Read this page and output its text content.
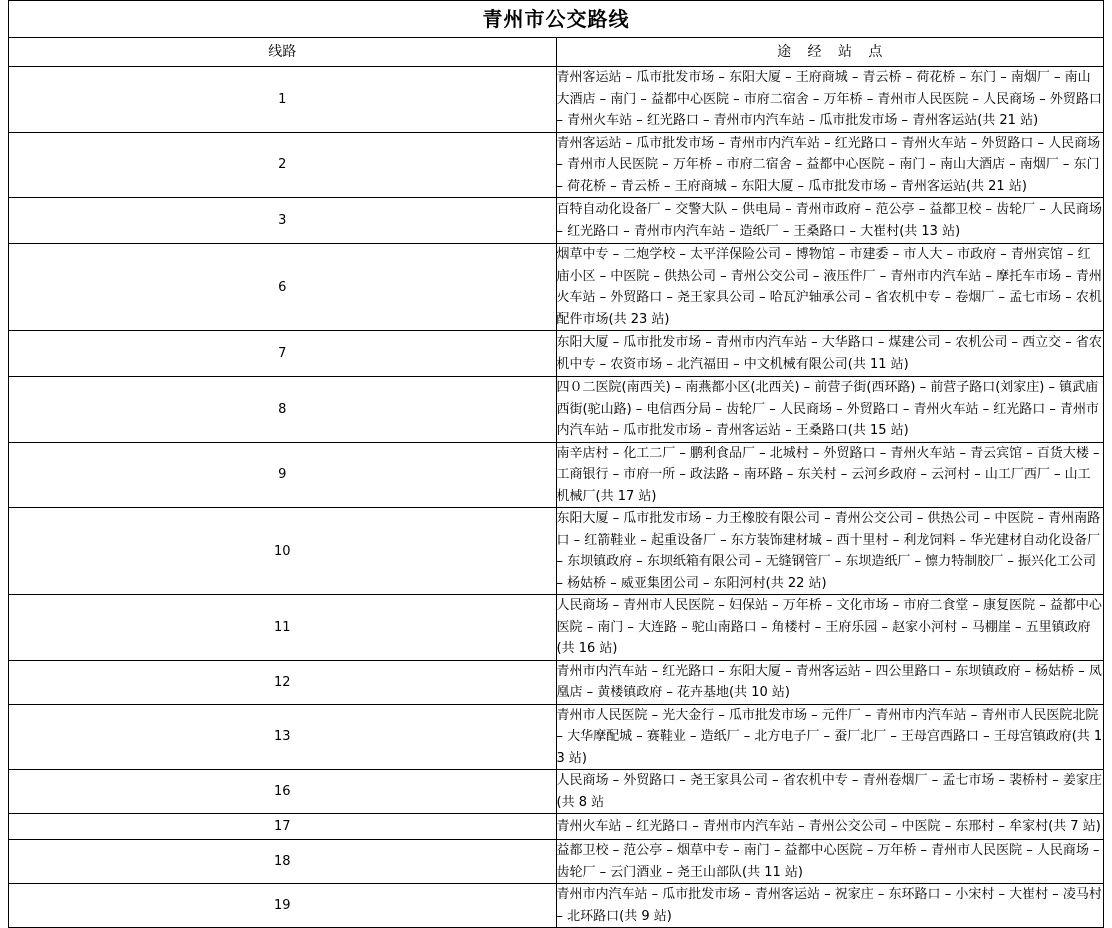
青州市公交路线	
线路	途 经 站 点
1	青州客运站 – 瓜市批发市场 – 东阳大厦 – 王府商城 – 青云桥 – 荷花桥 – 东门 – 南烟厂 – 南山大酒店 – 南门 – 益都中心医院 – 市府二宿舍 – 万年桥 – 青州市人民医院 – 人民商场 – 外贸路口 – 青州火车站 – 红光路口 – 青州市内汽车站 – 瓜市批发市场 – 青州客运站(共 21 站)

2	青州客运站 – 瓜市批发市场 – 青州市内汽车站 – 红光路口 – 青州火车站 – 外贸路口 – 人民商场 – 青州市人民医院 – 万年桥 – 市府二宿舍 – 益都中心医院 – 南门 – 南山大酒店 – 南烟厂 – 东门 – 荷花桥 – 青云桥 – 王府商城 – 东阳大厦 – 瓜市批发市场 – 青州客运站(共 21 站)

3	百特自动化设备厂 – 交警大队 – 供电局 – 青州市政府 – 范公亭 – 益都卫校 – 齿轮厂 – 人民商场 – 红光路口 – 青州市内汽车站 – 造纸厂 – 王桑路口 – 大崔村(共 13 站)

6	烟草中专 – 二炮学校 – 太平洋保险公司 – 博物馆 – 市建委 – 市人大 – 市政府 – 青州宾馆 – 红庙小区 – 中医院 – 供热公司 – 青州公交公司 – 液压件厂 – 青州市内汽车站 – 摩托车市场 – 青州火车站 – 外贸路口 – 尧王家具公司 – 哈瓦沪轴承公司 – 省农机中专 – 卷烟厂 – 孟七市场 – 农机配件市场(共 23 站)

7	东阳大厦 – 瓜市批发市场 – 青州市内汽车站 – 大华路口 – 煤建公司 – 农机公司 – 西立交 – 省农机中专 – 农资市场 – 北汽福田 – 中文机械有限公司(共 11 站)

8	四０二医院(南西关) – 南燕都小区(北西关) – 前营子街(西环路) – 前营子路口(刘家庄) – 镇武庙西街(驼山路) – 电信西分局 – 齿轮厂 – 人民商场 – 外贸路口 – 青州火车站 – 红光路口 – 青州市内汽车站 – 瓜市批发市场 – 青州客运站 – 王桑路口(共 15 站)

9	南辛店村 – 化工二厂 – 鹏利食品厂 – 北城村 – 外贸路口 – 青州火车站 – 青云宾馆 – 百货大楼 – 工商银行 – 市府一所 – 政法路 – 南环路 – 东关村 – 云河乡政府 – 云河村 – 山工厂西厂 – 山工机械厂(共 17 站)

10	东阳大厦 – 瓜市批发市场 – 力王橡胶有限公司 – 青州公交公司 – 供热公司 – 中医院 – 青州南路口 – 红箭鞋业 – 起重设备厂 – 东方装饰建材城 – 西十里村 – 利龙饲料 – 华光建材自动化设备厂 – 东坝镇政府 – 东坝纸箱有限公司 – 无缝钢管厂 – 东坝造纸厂 – 懔力特制胶厂 – 振兴化工公司 – 杨姑桥 – 威亚集团公司 – 东阳河村(共 22 站)

11	人民商场 – 青州市人民医院 – 妇保站 – 万年桥 – 文化市场 – 市府二食堂 – 康复医院 – 益都中心医院 – 南门 – 大连路 – 驼山南路口 – 角楼村 – 王府乐园 – 赵家小河村 – 马棚崖 – 五里镇政府(共 16 站)

12	青州市内汽车站 – 红光路口 – 东阳大厦 – 青州客运站 – 四公里路口 – 东坝镇政府 – 杨姑桥 – 凤凰店 – 黄楼镇政府 – 花卉基地(共 10 站)

13	青州市人民医院 – 光大金行 – 瓜市批发市场 – 元件厂 – 青州市内汽车站 – 青州市人民医院北院 – 大华摩配城 – 赛鞋业 – 造纸厂 – 北方电子厂 – 蚕厂北厂 – 王母宫西路口 – 王母宫镇政府(共 13 站)

16	人民商场 – 外贸路口 – 尧王家具公司 – 省农机中专 – 青州卷烟厂 – 孟七市场 – 裴桥村 – 姜家庄(共 8 站

17	青州火车站 – 红光路口 – 青州市内汽车站 – 青州公交公司 – 中医院 – 东邢村 – 牟家村(共 7 站)

18	益都卫校 – 范公亭 – 烟草中专 – 南门 – 益都中心医院 – 万年桥 – 青州市人民医院 – 人民商场 – 齿轮厂 – 云门酒业 – 尧王山部队(共 11 站)

19	青州市内汽车站 – 瓜市批发市场 – 青州客运站 – 祝家庄 – 东环路口 – 小宋村 – 大崔村 – 凌马村 – 北环路口(共 9 站)
